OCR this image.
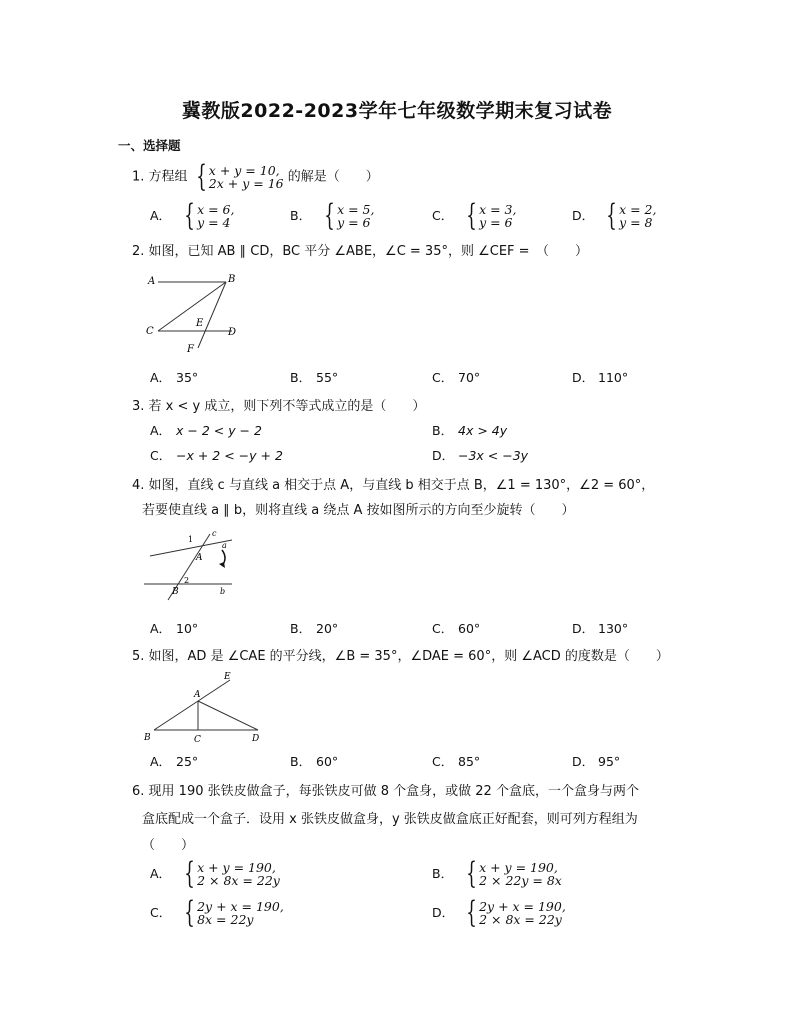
冀教版2022-2023学年七年级数学期末复习试卷
一、选择题
1. 方程组 { x + y = 10,
2x + y = 16 的解是（　　）
A． { x = 6,
y = 4	B． { x = 5,
y = 6	C． { x = 3,
y = 6	D． { x = 2,
y = 8
2. 如图，已知 AB ∥ CD，BC 平分 ∠ABE，∠C = 35°，则 ∠CEF =　（　　）
A	B
C	D
E
F
A． 35°	B． 55°	C． 70°	D． 110°
3. 若 x < y 成立，则下列不等式成立的是（　　）
A． x − 2 < y − 2	B． 4x > 4y
C． −x + 2 < −y + 2	D． −3x < −3y
4. 如图，直线 c 与直线 a 相交于点 A，与直线 b 相交于点 B，∠1 = 130°，∠2 = 60°，
若要使直线 a ∥ b，则将直线 a 绕点 A 按如图所示的方向至少旋转（　　）
1
2
a
b
c
A
B
A． 10°	B． 20°	C． 60°	D． 130°
5. 如图，AD 是 ∠CAE 的平分线，∠B = 35°，∠DAE = 60°，则 ∠ACD 的度数是（　　）
A
B	C	D
E
A． 25°	B． 60°	C． 85°	D． 95°
6. 现用 190 张铁皮做盒子，每张铁皮可做 8 个盒身，或做 22 个盒底，一个盒身与两个
盒底配成一个盒子．设用 x 张铁皮做盒身，y 张铁皮做盒底正好配套，则可列方程组为
（　　）
A． { x + y = 190,
2 × 8x = 22y	B． { x + y = 190,
2 × 22y = 8x
C． { 2y + x = 190,
8x = 22y	D． { 2y + x = 190,
2 × 8x = 22y
